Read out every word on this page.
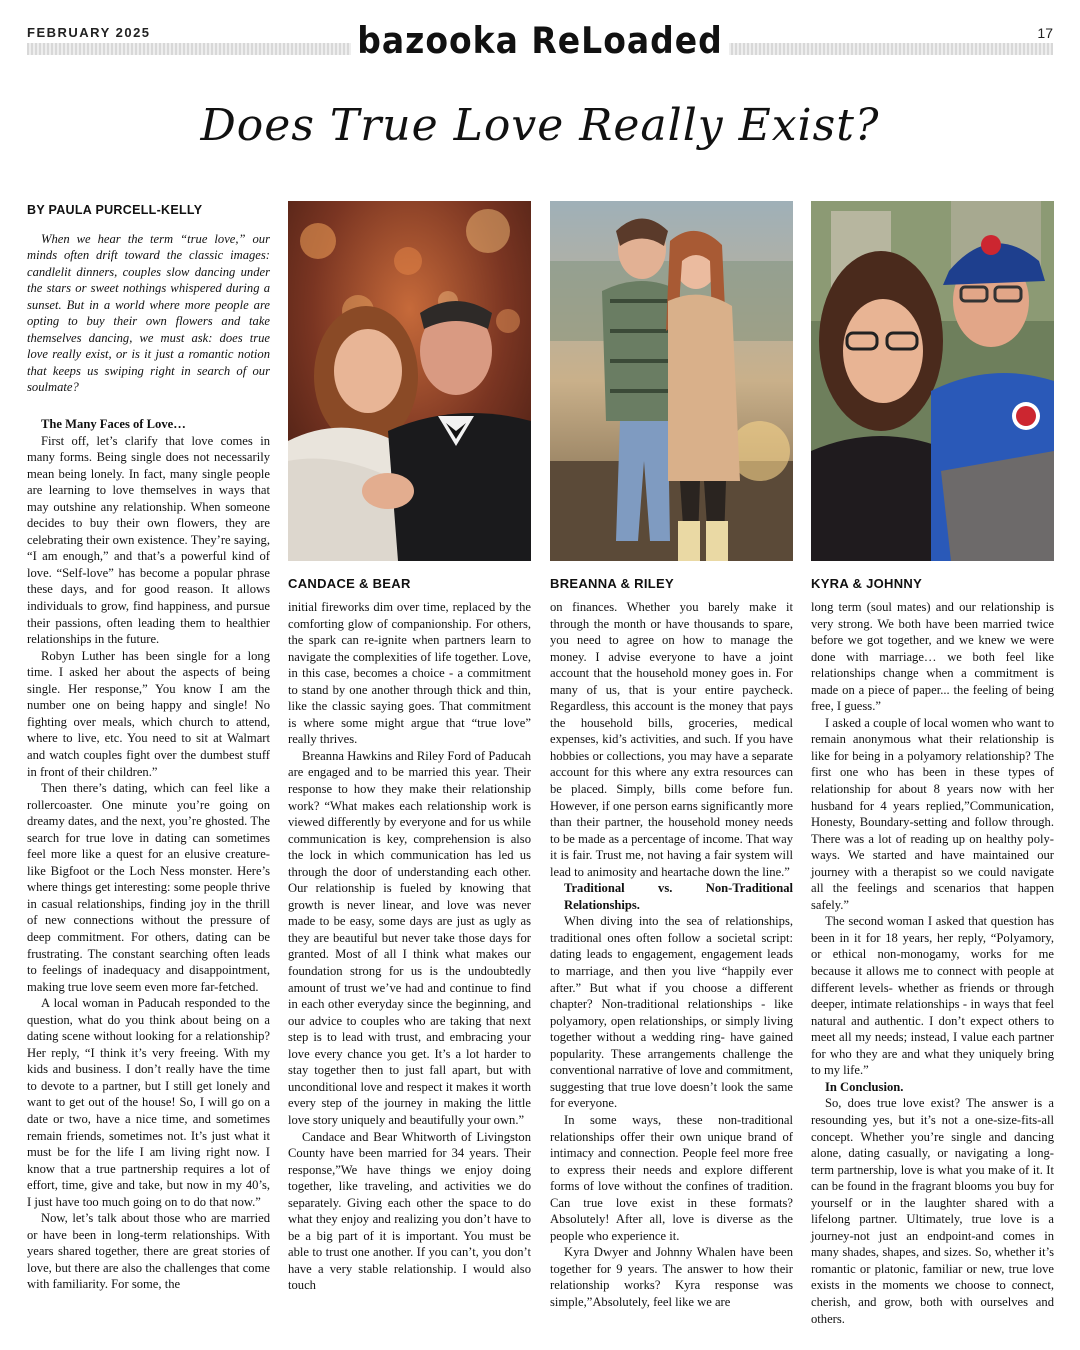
FEBRUARY 2025	bazooka ReLoaded	17
Does True Love Really Exist?
BY PAULA PURCELL-KELLY

When we hear the term “true love,” our minds often drift toward the classic images: candlelit dinners, couples slow dancing under the stars or sweet nothings whispered during a sunset. But in a world where more people are opting to buy their own flowers and take themselves dancing, we must ask: does true love really exist, or is it just a romantic notion that keeps us swiping right in search of our soulmate?

The Many Faces of Love…

First off, let’s clarify that love comes in many forms. Being single does not necessarily mean being lonely. In fact, many single people are learning to love themselves in ways that may outshine any relationship. When someone decides to buy their own flowers, they are celebrating their own existence. They’re saying, “I am enough,” and that’s a powerful kind of love. “Self-love” has become a popular phrase these days, and for good reason. It allows individuals to grow, find happiness, and pursue their passions, often leading them to healthier relationships in the future.

Robyn Luther has been single for a long time. I asked her about the aspects of being single. Her response,” You know I am the number one on being happy and single! No fighting over meals, which church to attend, where to live, etc. You need to sit at Walmart and watch couples fight over the dumbest stuff in front of their children.”

Then there’s dating, which can feel like a rollercoaster. One minute you’re going on dreamy dates, and the next, you’re ghosted. The search for true love in dating can sometimes feel more like a quest for an elusive creature-like Bigfoot or the Loch Ness monster. Here’s where things get interesting: some people thrive in casual relationships, finding joy in the thrill of new connections without the pressure of deep commitment. For others, dating can be frustrating. The constant searching often leads to feelings of inadequacy and disappointment, making true love seem even more far-fetched.

A local woman in Paducah responded to the question, what do you think about being on a dating scene without looking for a relationship? Her reply, “I think it’s very freeing. With my kids and business. I don’t really have the time to devote to a partner, but I still get lonely and want to get out of the house! So, I will go on a date or two, have a nice time, and sometimes remain friends, sometimes not. It’s just what it must be for the life I am living right now. I know that a true partnership requires a lot of effort, time, give and take, but now in my 40’s, I just have too much going on to do that now.”

Now, let’s talk about those who are married or have been in long-term relationships. With years shared together, there are great stories of love, but there are also the challenges that come with familiarity. For some, the

CANDACE & BEAR	BREANNA & RILEY	KYRA & JOHNNY

initial fireworks dim over time, replaced by the comforting glow of companionship. For others, the spark can re-ignite when partners learn to navigate the complexities of life together. Love, in this case, becomes a choice - a commitment to stand by one another through thick and thin, like the classic saying goes. That commitment is where some might argue that “true love” really thrives.

Breanna Hawkins and Riley Ford of Paducah are engaged and to be married this year. Their response to how they make their relationship work? “What makes each relationship work is viewed differently by everyone and for us while communication is key, comprehension is also the lock in which communication has led us through the door of understanding each other. Our relationship is fueled by knowing that growth is never linear, and love was never made to be easy, some days are just as ugly as they are beautiful but never take those days for granted. Most of all I think what makes our foundation strong for us is the undoubtedly amount of trust we’ve had and continue to find in each other everyday since the beginning, and our advice to couples who are taking that next step is to lead with trust, and embracing your love every chance you get. It’s a lot harder to stay together then to just fall apart, but with unconditional love and respect it makes it worth every step of the journey in making the little love story uniquely and beautifully your own.”

Candace and Bear Whitworth of Livingston County have been married for 34 years. Their response,”We have things we enjoy doing together, like traveling, and activities we do separately. Giving each other the space to do what they enjoy and realizing you don’t have to be a big part of it is important. You must be able to trust one another. If you can’t, you don’t have a very stable relationship. I would also touch

on finances. Whether you barely make it through the month or have thousands to spare, you need to agree on how to manage the money. I advise everyone to have a joint account that the household money goes in. For many of us, that is your entire paycheck. Regardless, this account is the money that pays the household bills, groceries, medical expenses, kid’s activities, and such. If you have hobbies or collections, you may have a separate account for this where any extra resources can be placed. Simply, bills come before fun. However, if one person earns significantly more than their partner, the household money needs to be made as a percentage of income. That way it is fair. Trust me, not having a fair system will lead to animosity and heartache down the line.”

Traditional vs. Non-Traditional Relationships.

When diving into the sea of relationships, traditional ones often follow a societal script: dating leads to engagement, engagement leads to marriage, and then you live “happily ever after.” But what if you choose a different chapter? Non-traditional relationships - like polyamory, open relationships, or simply living together without a wedding ring- have gained popularity. These arrangements challenge the conventional narrative of love and commitment, suggesting that true love doesn’t look the same for everyone.

In some ways, these non-traditional relationships offer their own unique brand of intimacy and connection. People feel more free to express their needs and explore different forms of love without the confines of tradition. Can true love exist in these formats? Absolutely! After all, love is diverse as the people who experience it.

Kyra Dwyer and Johnny Whalen have been together for 9 years. The answer to how their relationship works? Kyra response was simple,”Absolutely, feel like we are

long term (soul mates) and our relationship is very strong. We both have been married twice before we got together, and we knew we were done with marriage… we both feel like relationships change when a commitment is made on a piece of paper... the feeling of being free, I guess.”

I asked a couple of local women who want to remain anonymous what their relationship is like for being in a polyamory relationship? The first one who has been in these types of relationship for about 8 years now with her husband for 4 years replied,”Communication, Honesty, Boundary-setting and follow through. There was a lot of reading up on healthy poly-ways. We started and have maintained our journey with a therapist so we could navigate all the feelings and scenarios that happen safely.”

The second woman I asked that question has been in it for 18 years, her reply, “Polyamory, or ethical non-monogamy, works for me because it allows me to connect with people at different levels- whether as friends or through deeper, intimate relationships - in ways that feel natural and authentic. I don’t expect others to meet all my needs; instead, I value each partner for who they are and what they uniquely bring to my life.”

In Conclusion.

So, does true love exist? The answer is a resounding yes, but it’s not a one-size-fits-all concept. Whether you’re single and dancing alone, dating casually, or navigating a long-term partnership, love is what you make of it. It can be found in the fragrant blooms you buy for yourself or in the laughter shared with a lifelong partner. Ultimately, true love is a journey-not just an endpoint-and comes in many shades, shapes, and sizes. So, whether it’s romantic or platonic, familiar or new, true love exists in the moments we choose to connect, cherish, and grow, both with ourselves and others.
